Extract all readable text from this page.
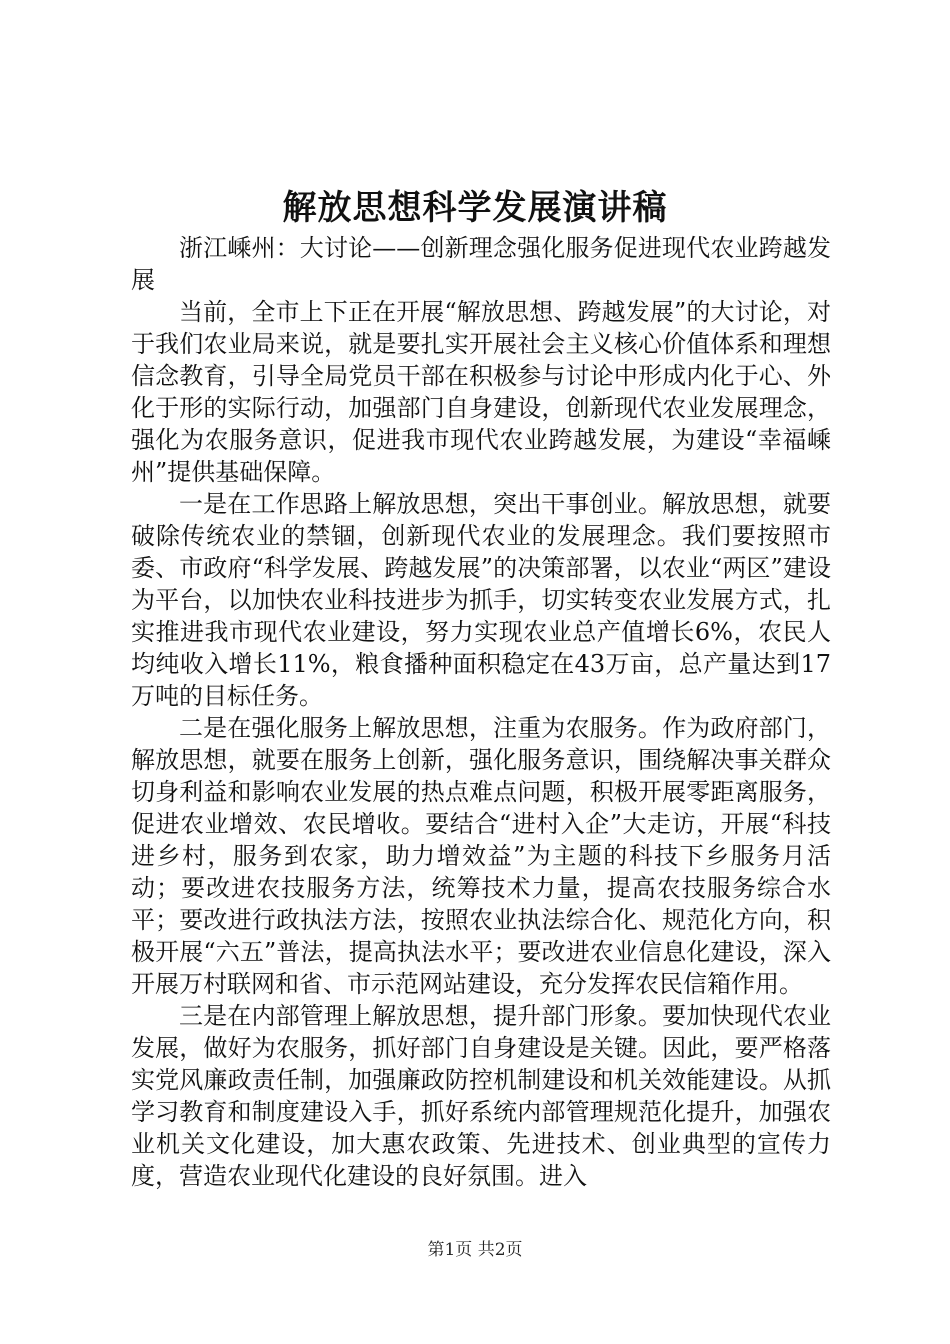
解放思想科学发展演讲稿

浙江嵊州：大讨论——创新理念强化服务促进现代农业跨越发展

当前，全市上下正在开展“解放思想、跨越发展”的大讨论，对于我们农业局来说，就是要扎实开展社会主义核心价值体系和理想信念教育，引导全局党员干部在积极参与讨论中形成内化于心、外化于形的实际行动，加强部门自身建设，创新现代农业发展理念，强化为农服务意识，促进我市现代农业跨越发展，为建设“幸福嵊州”提供基础保障。

一是在工作思路上解放思想，突出干事创业。解放思想，就要破除传统农业的禁锢，创新现代农业的发展理念。我们要按照市委、市政府“科学发展、跨越发展”的决策部署，以农业“两区”建设为平台，以加快农业科技进步为抓手，切实转变农业发展方式，扎实推进我市现代农业建设，努力实现农业总产值增长6%，农民人均纯收入增长11%，粮食播种面积稳定在43万亩，总产量达到17万吨的目标任务。

二是在强化服务上解放思想，注重为农服务。作为政府部门，解放思想，就要在服务上创新，强化服务意识，围绕解决事关群众切身利益和影响农业发展的热点难点问题，积极开展零距离服务，促进农业增效、农民增收。要结合“进村入企”大走访，开展“科技进乡村，服务到农家，助力增效益”为主题的科技下乡服务月活动；要改进农技服务方法，统筹技术力量，提高农技服务综合水平；要改进行政执法方法，按照农业执法综合化、规范化方向，积极开展“六五”普法，提高执法水平；要改进农业信息化建设，深入开展万村联网和省、市示范网站建设，充分发挥农民信箱作用。

三是在内部管理上解放思想，提升部门形象。要加快现代农业发展，做好为农服务，抓好部门自身建设是关键。因此，要严格落实党风廉政责任制，加强廉政防控机制建设和机关效能建设。从抓学习教育和制度建设入手，抓好系统内部管理规范化提升，加强农业机关文化建设，加大惠农政策、先进技术、创业典型的宣传力度，营造农业现代化建设的良好氛围。进入

第1页 共2页
